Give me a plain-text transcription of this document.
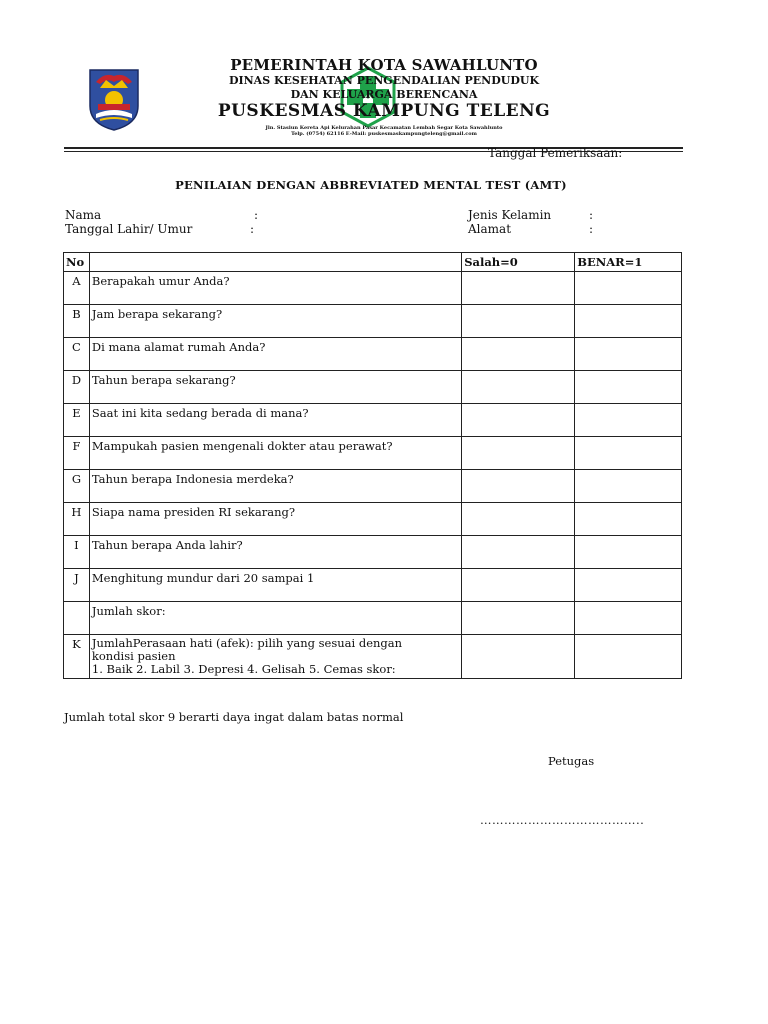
PEMERINTAH KOTA SAWAHLUNTO
DINAS KESEHATAN PENGENDALIAN PENDUDUK
DAN KELUARGA BERENCANA
PUSKESMAS KAMPUNG TELENG
Jln. Stasiun Kereta Api Kelurahan Pasar Kecamatan Lembah Segar Kota Sawahlunto
Telp. (0754) 62116 E-Mail: puskesmaskampungteleng@gmail.com
Tanggal Pemeriksaan:
PENILAIAN DENGAN ABBREVIATED MENTAL TEST (AMT)
Nama	:
Tanggal Lahir/ Umur	:
Jenis Kelamin	:
Alamat	:
No		Salah=0	BENAR=1
A	Berapakah umur Anda?		
B	Jam berapa sekarang?		
C	Di mana alamat rumah Anda?		
D	Tahun berapa sekarang?		
E	Saat ini kita sedang berada di mana?		
F	Mampukah pasien mengenali dokter atau perawat?		
G	Tahun berapa Indonesia merdeka?		
H	Siapa nama presiden RI sekarang?		
I	Tahun berapa Anda lahir?		
J	Menghitung mundur dari 20 sampai 1		
	Jumlah skor:		
K	JumlahPerasaan hati (afek): pilih yang sesuai dengan
kondisi pasien
1. Baik 2. Labil 3. Depresi 4. Gelisah 5. Cemas skor:		

Jumlah total skor 9 berarti daya ingat dalam batas normal
Petugas
…………………………………..
